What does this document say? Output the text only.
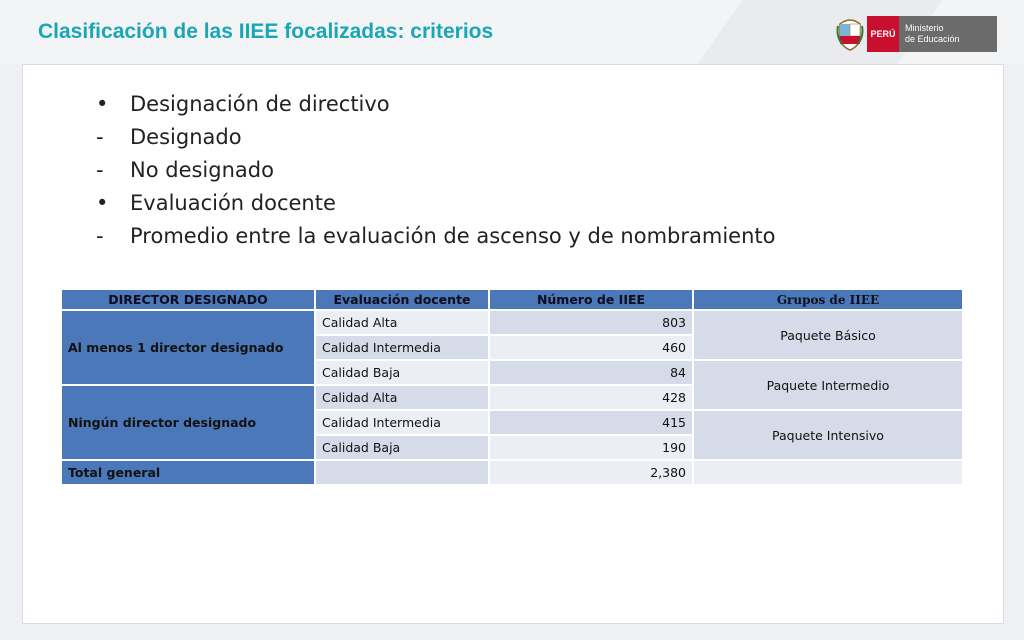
Clasificación de las IIEE focalizadas: criterios	PERÚ
Ministerio
de Educación
•	Designación de directivo
-	Designado
-	No designado
•	Evaluación docente
-	Promedio entre la evaluación de ascenso y de nombramiento
DIRECTOR DESIGNADO	Evaluación docente	Número de IIEE	Grupos de IIEE
Al menos 1 director designado	Calidad Alta	803	Paquete Básico
	Calidad Intermedia	460	
	Calidad Baja	84	Paquete Intermedio
Ningún director designado	Calidad Alta	428	
	Calidad Intermedia	415	Paquete Intensivo
	Calidad Baja	190	
Total general		2,380	
